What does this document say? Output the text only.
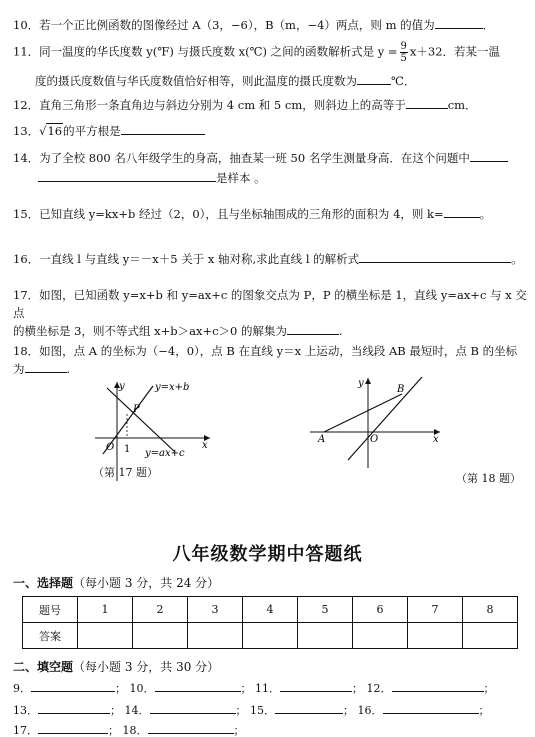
10．若一个正比例函数的图像经过 A（3，−6），B（m，−4）两点，则 m 的值为	．
11．同一温度的华氏度数 y(℉) 与摄氏度数 x(℃) 之间的函数解析式是 $y = \frac{9}{5} x+32$．若某一温
度的摄氏度数值与华氏度数值恰好相等，则此温度的摄氏度数为	℃．
12．直角三角形一条直角边与斜边分别为 4 cm 和 5 cm，则斜边上的高等于	cm．
13．√16的平方根是
14．为了全校 800 名八年级学生的身高，抽查某一班 50 名学生测量身高．在这个问题中
是样本 。
15．已知直线 y=kx+b 经过（2，0），且与坐标轴围成的三角形的面积为 4，则 k=	。
16．一直线 l 与直线 y＝－x＋5 关于 x 轴对称,求此直线 l 的解析式	。
17．如图，已知函数 y=x+b 和 y=ax+c 的图象交点为 P，P 的横坐标是 1，直线 y=ax+c 与 x 交点
的横坐标是 3，则不等式组 x+b＞ax+c＞0 的解集为	.
18．如图，点 A 的坐标为（−4，0），点 B 在直线 y＝x 上运动，当线段 AB 最短时，点 B 的坐标
为	.
y
x
O 1
P
y=x+b
y=ax+c
（第 17 题）
y
x
O
A
B
（第 18 题）
八年级数学期中答题纸
一、选择题（每小题 3 分，共 24 分）
题号	1	2	3	4	5	6	7	8
答案								
二、填空题（每小题 3 分，共 30 分）
9．	； 10．	； 11．	； 12．	；
13．	； 14．	； 15．	； 16．	；
17．	； 18．	；
